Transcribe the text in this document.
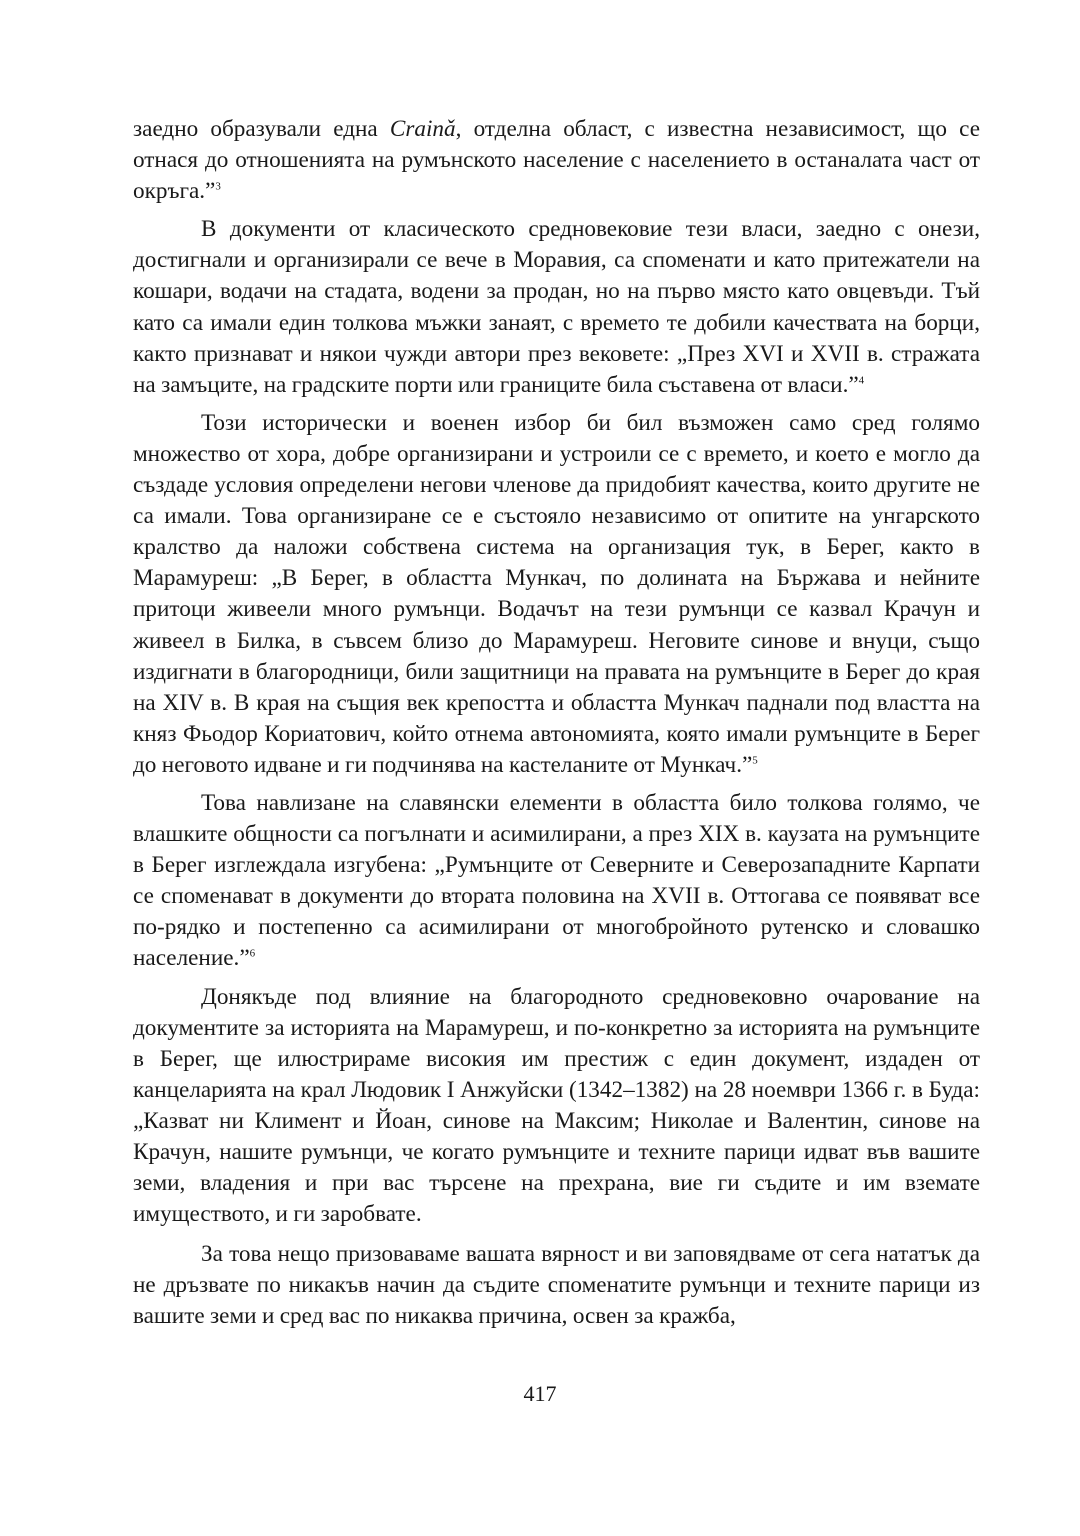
заедно образували една Crainǎ, отделна област, с известна независимост, що се отнася до отношенията на румънското население с населението в останалата част от окръга.”$^3$

В документи от класическото средновековие тези власи, заедно с онези, достигнали и организирали се вече в Моравия, са споменати и като притежатели на кошари, водачи на стадата, водени за продан, но на първо място като овцевъди. Тъй като са имали един толкова мъжки занаят, с времето те добили качествата на борци, както признават и някои чужди автори през вековете: „През XVI и XVII в. стражата на замъците, на градските порти или границите била съставена от власи.”$^4$

Този исторически и военен избор би бил възможен само сред голямо множество от хора, добре организирани и устроили се с времето, и което е могло да създаде условия определени негови членове да придобият качества, които другите не са имали. Това организиране се е състояло независимо от опитите на унгарското кралство да наложи собствена система на организация тук, в Берег, както в Марамуреш: „В Берег, в областта Мункач, по долината на Бържава и нейните притоци живеели много румънци. Водачът на тези румънци се казвал Крачун и живеел в Билка, в съвсем близо до Марамуреш. Неговите синове и внуци, също издигнати в благородници, били защитници на правата на румънците в Берег до края на XIV в. В края на същия век крепостта и областта Мункач паднали под властта на княз Фьодор Кориатович, който отнема автономията, която имали румънците в Берег до неговото идване и ги подчинява на кастеланите от Мункач.”$^5$

Това навлизане на славянски елементи в областта било толкова голямо, че влашките общности са погълнати и асимилирани, а през XIX в. каузата на румънците в Берег изглеждала изгубена: „Румънците от Северните и Северозападните Карпати се споменават в документи до втората половина на XVII в. Оттогава се появяват все по-рядко и постепенно са асимилирани от многобройното рутенско и словашко население.”$^6$

Донякъде под влияние на благородното средновековно очарование на документите за историята на Марамуреш, и по-конкретно за историята на румънците в Берег, ще илюстрираме високия им престиж с един документ, издаден от канцеларията на крал Людовик I Анжуйски (1342–1382) на 28 ноември 1366 г. в Буда: „Казват ни Климент и Йоан, синове на Максим; Николае и Валентин, синове на Крачун, нашите румънци, че когато румънците и техните парици идват във вашите земи, владения и при вас търсене на прехрана, вие ги съдите и им вземате имуществото, и ги заробвате.

За това нещо призоваваме вашата вярност и ви заповядваме от сега нататък да не дръзвате по никакъв начин да съдите споменатите румънци и техните парици из вашите земи и сред вас по никаква причина, освен за кражба,

417
